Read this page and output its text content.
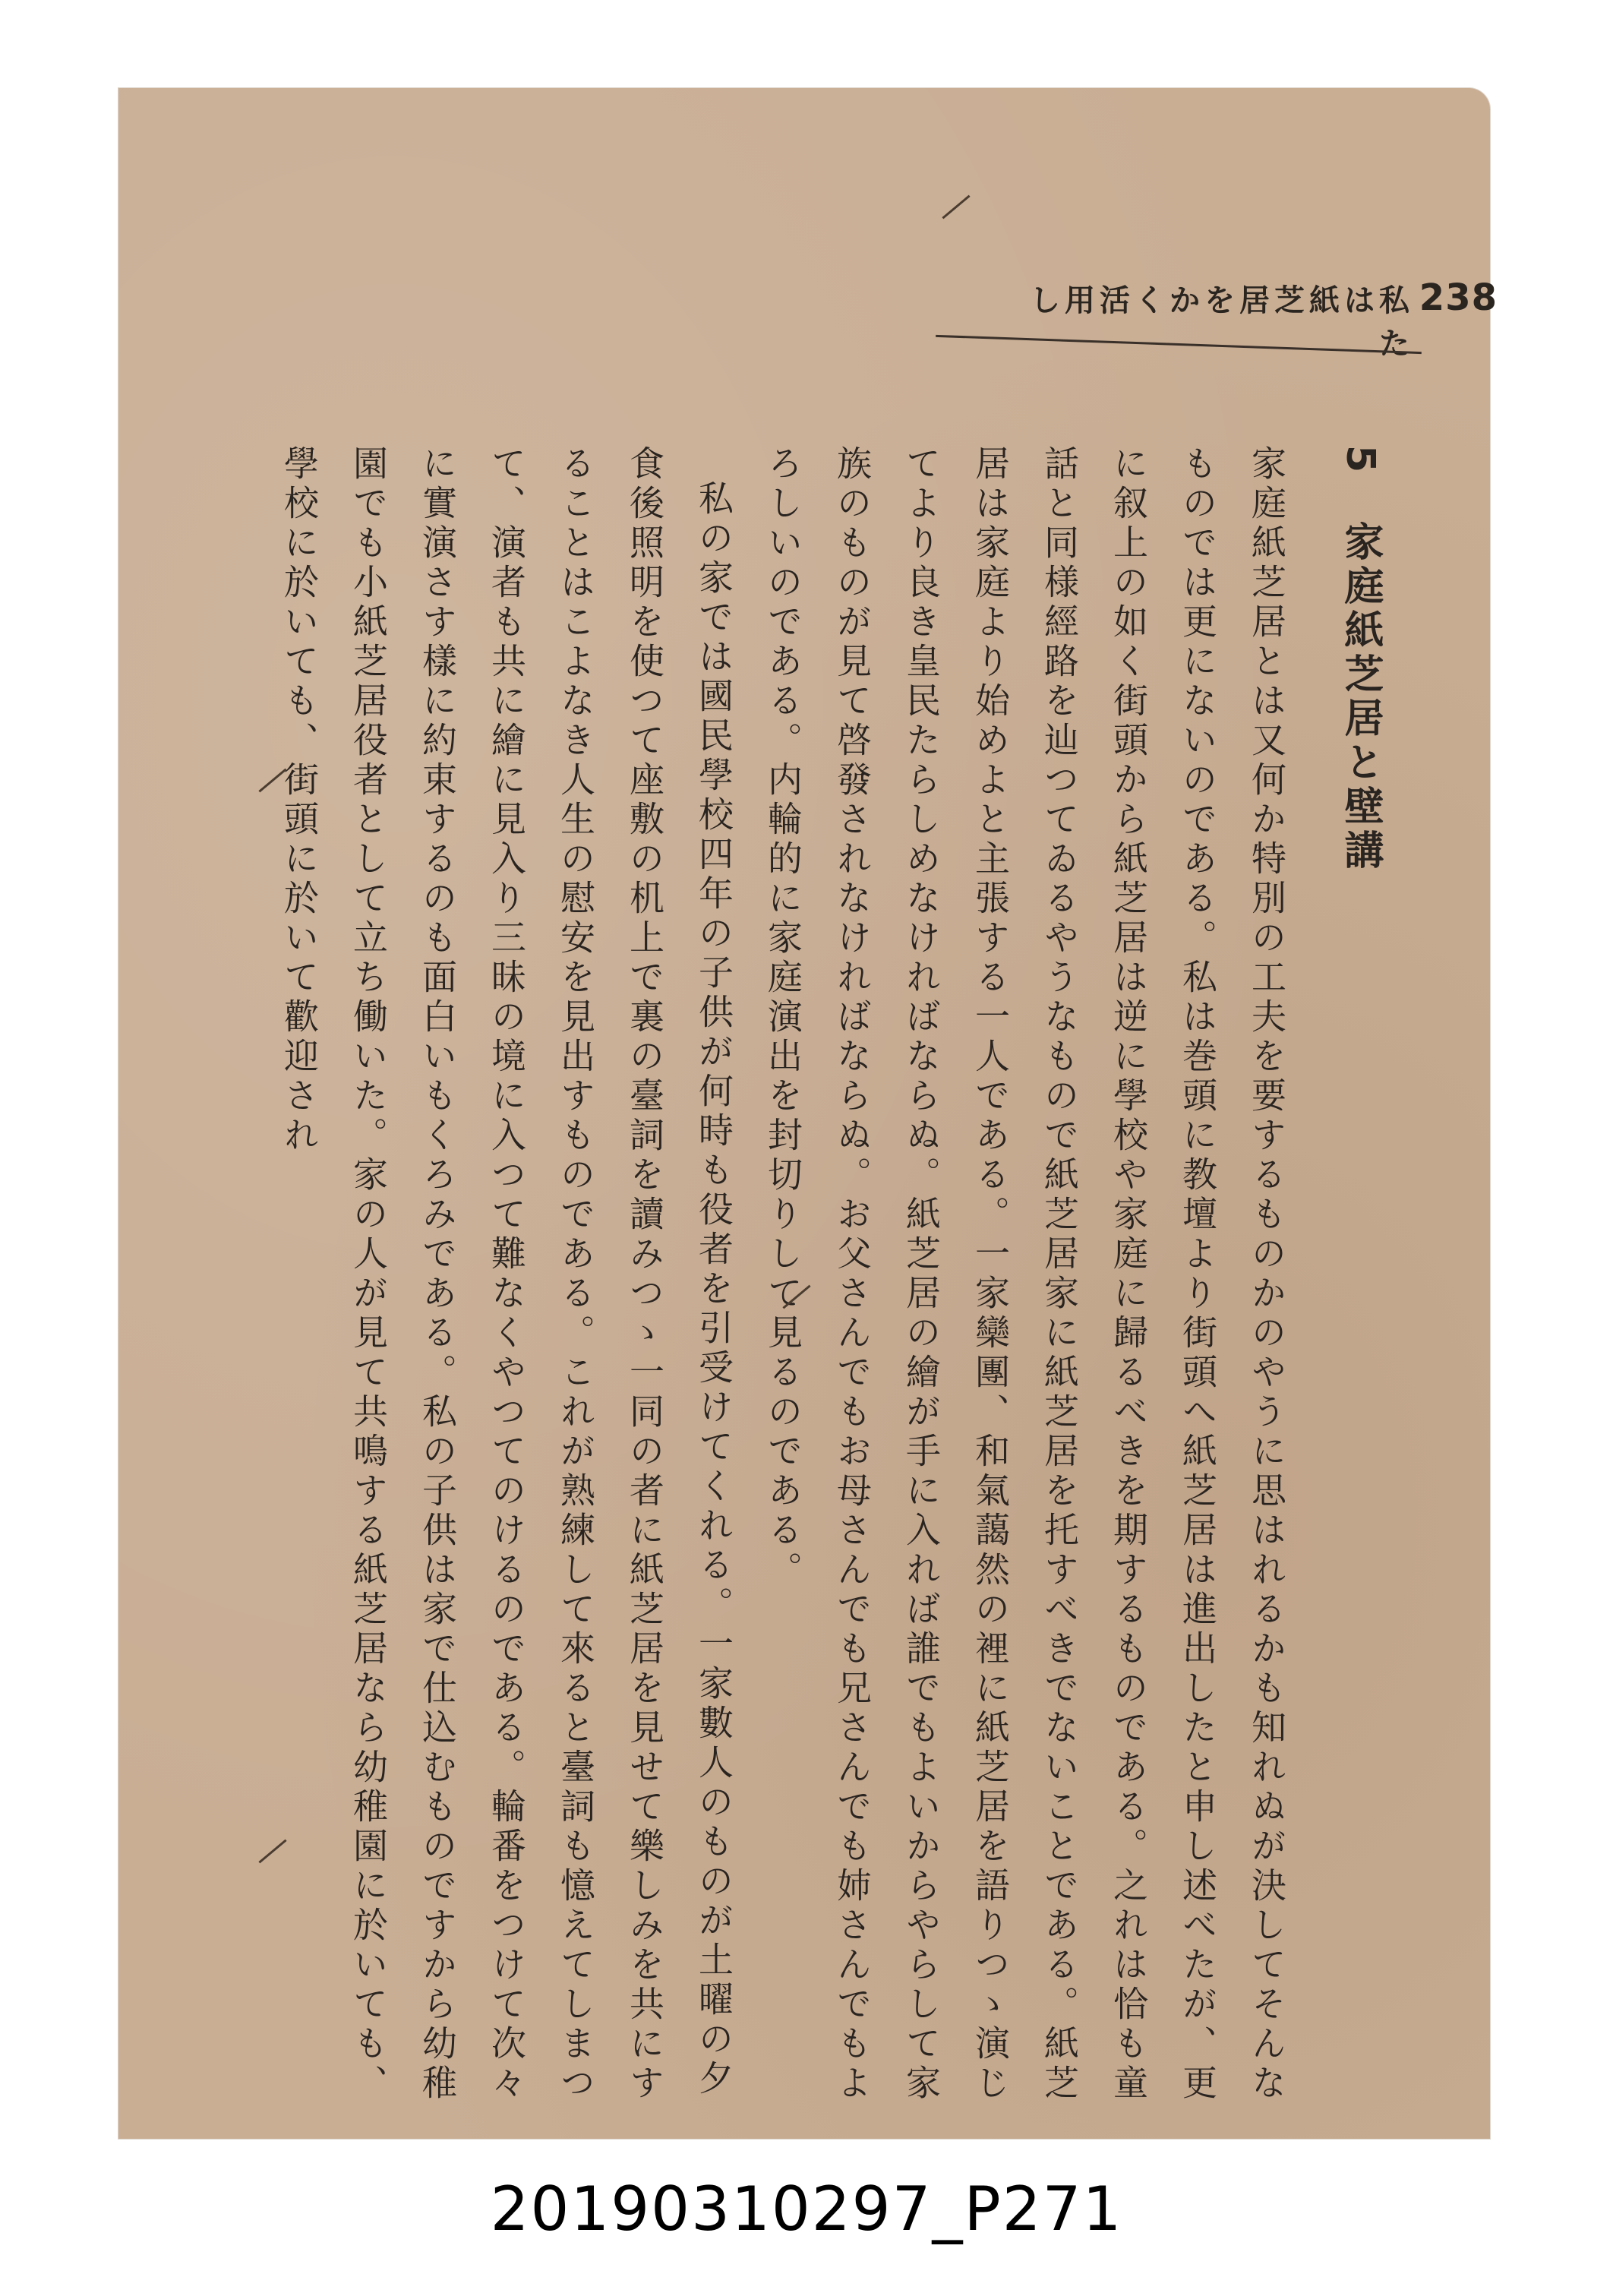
238
私は紙芝居をかく活用した
5　家庭紙芝居と壁講

家庭紙芝居とは又何か特別の工夫を要するものかのやうに思はれるかも知れぬが決してそんなものでは更にないのである。私は巻頭に教壇より街頭へ紙芝居は進出したと申し述べたが、更に叙上の如く街頭から紙芝居は逆に學校や家庭に歸るべきを期するものである。之れは恰も童話と同様經路を辿つてゐるやうなもので紙芝居家に紙芝居を托すべきでないことである。紙芝居は家庭より始めよと主張する一人である。一家欒團、和氣藹然の裡に紙芝居を語りつゝ演じてより良き皇民たらしめなければならぬ。紙芝居の繪が手に入れば誰でもよいからやらして家族のものが見て啓發されなければならぬ。お父さんでもお母さんでも兄さんでも姉さんでもよろしいのである。内輪的に家庭演出を封切りして見るのである。

私の家では國民學校四年の子供が何時も役者を引受けてくれる。一家數人のものが土曜の夕食後照明を使つて座敷の机上で裏の臺詞を讀みつゝ一同の者に紙芝居を見せて樂しみを共にすることはこよなき人生の慰安を見出すものである。これが熟練して來ると臺詞も憶えてしまつて、演者も共に繪に見入り三昧の境に入つて難なくやつてのけるのである。輪番をつけて次々に實演さす樣に約束するのも面白いもくろみである。私の子供は家で仕込むものですから幼稚園でも小紙芝居役者として立ち働いた。家の人が見て共鳴する紙芝居なら幼稚園に於いても、學校に於いても、街頭に於いて歡迎され

20190310297_P271
